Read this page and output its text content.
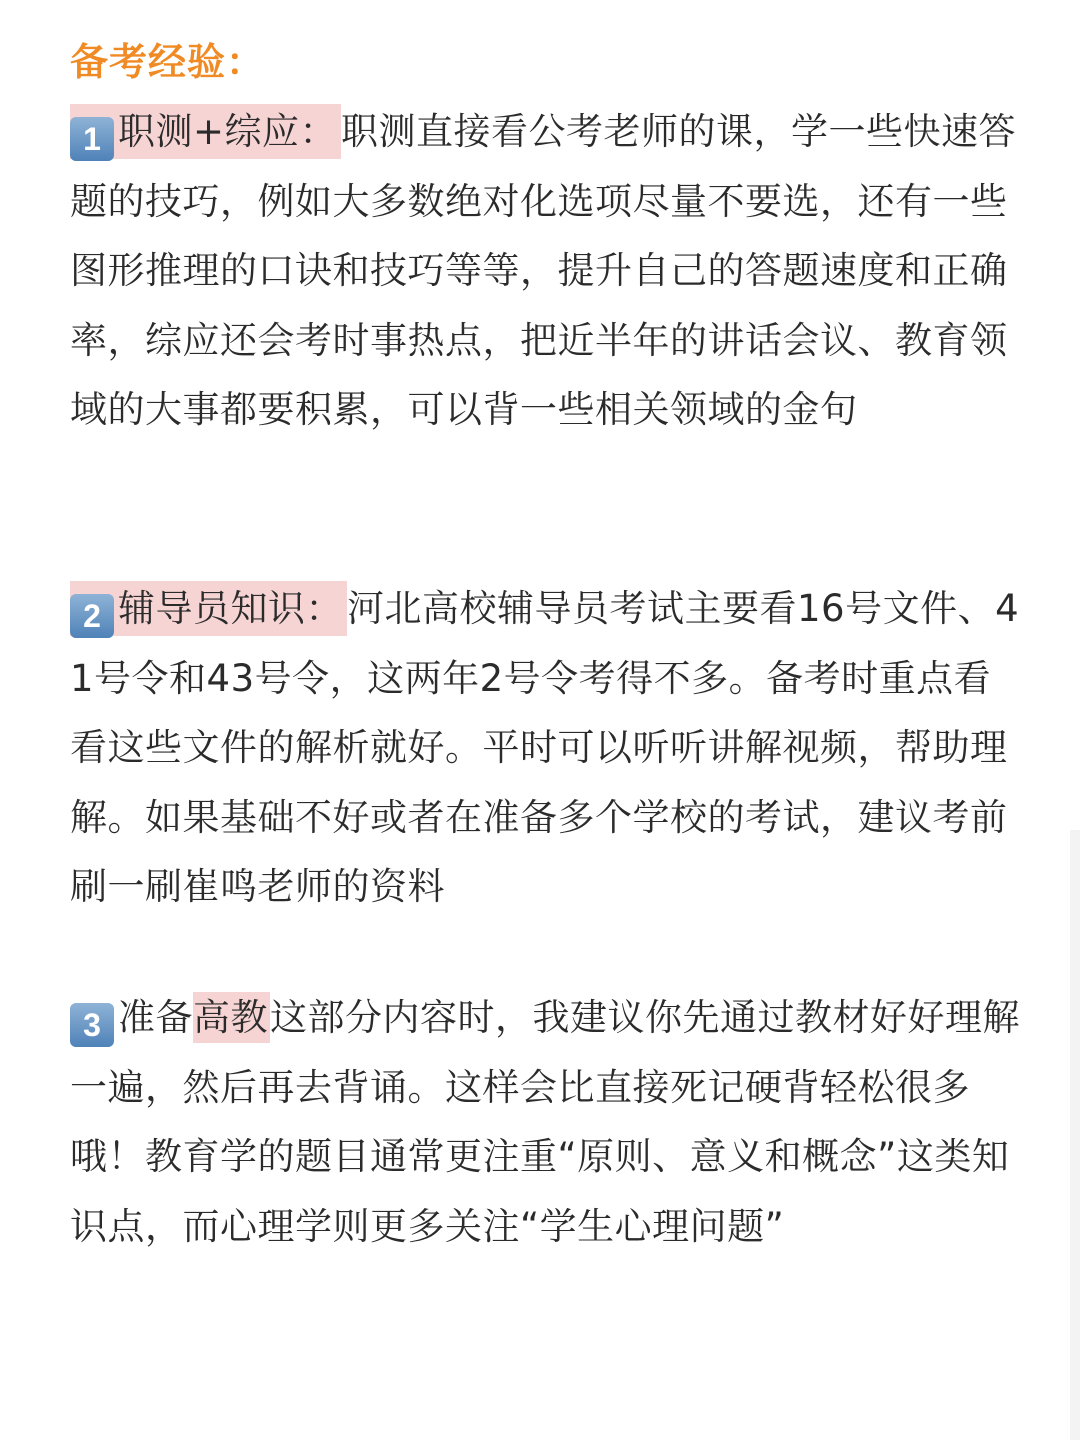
备考经验：

1 职测+综应： 职测直接看公考老师的课，学一些快速答题的技巧，例如大多数绝对化选项尽量不要选，还有一些图形推理的口诀和技巧等等，提升自己的答题速度和正确率，综应还会考时事热点，把近半年的讲话会议、教育领域的大事都要积累，可以背一些相关领域的金句

2 辅导员知识： 河北高校辅导员考试主要看16号文件、41号令和43号令，这两年2号令考得不多。备考时重点看看这些文件的解析就好。平时可以听听讲解视频，帮助理解。如果基础不好或者在准备多个学校的考试，建议考前刷一刷崔鸣老师的资料

3 准备高教这部分内容时，我建议你先通过教材好好理解一遍，然后再去背诵。这样会比直接死记硬背轻松很多哦！教育学的题目通常更注重“原则、意义和概念”这类知识点，而心理学则更多关注“学生心理问题”
